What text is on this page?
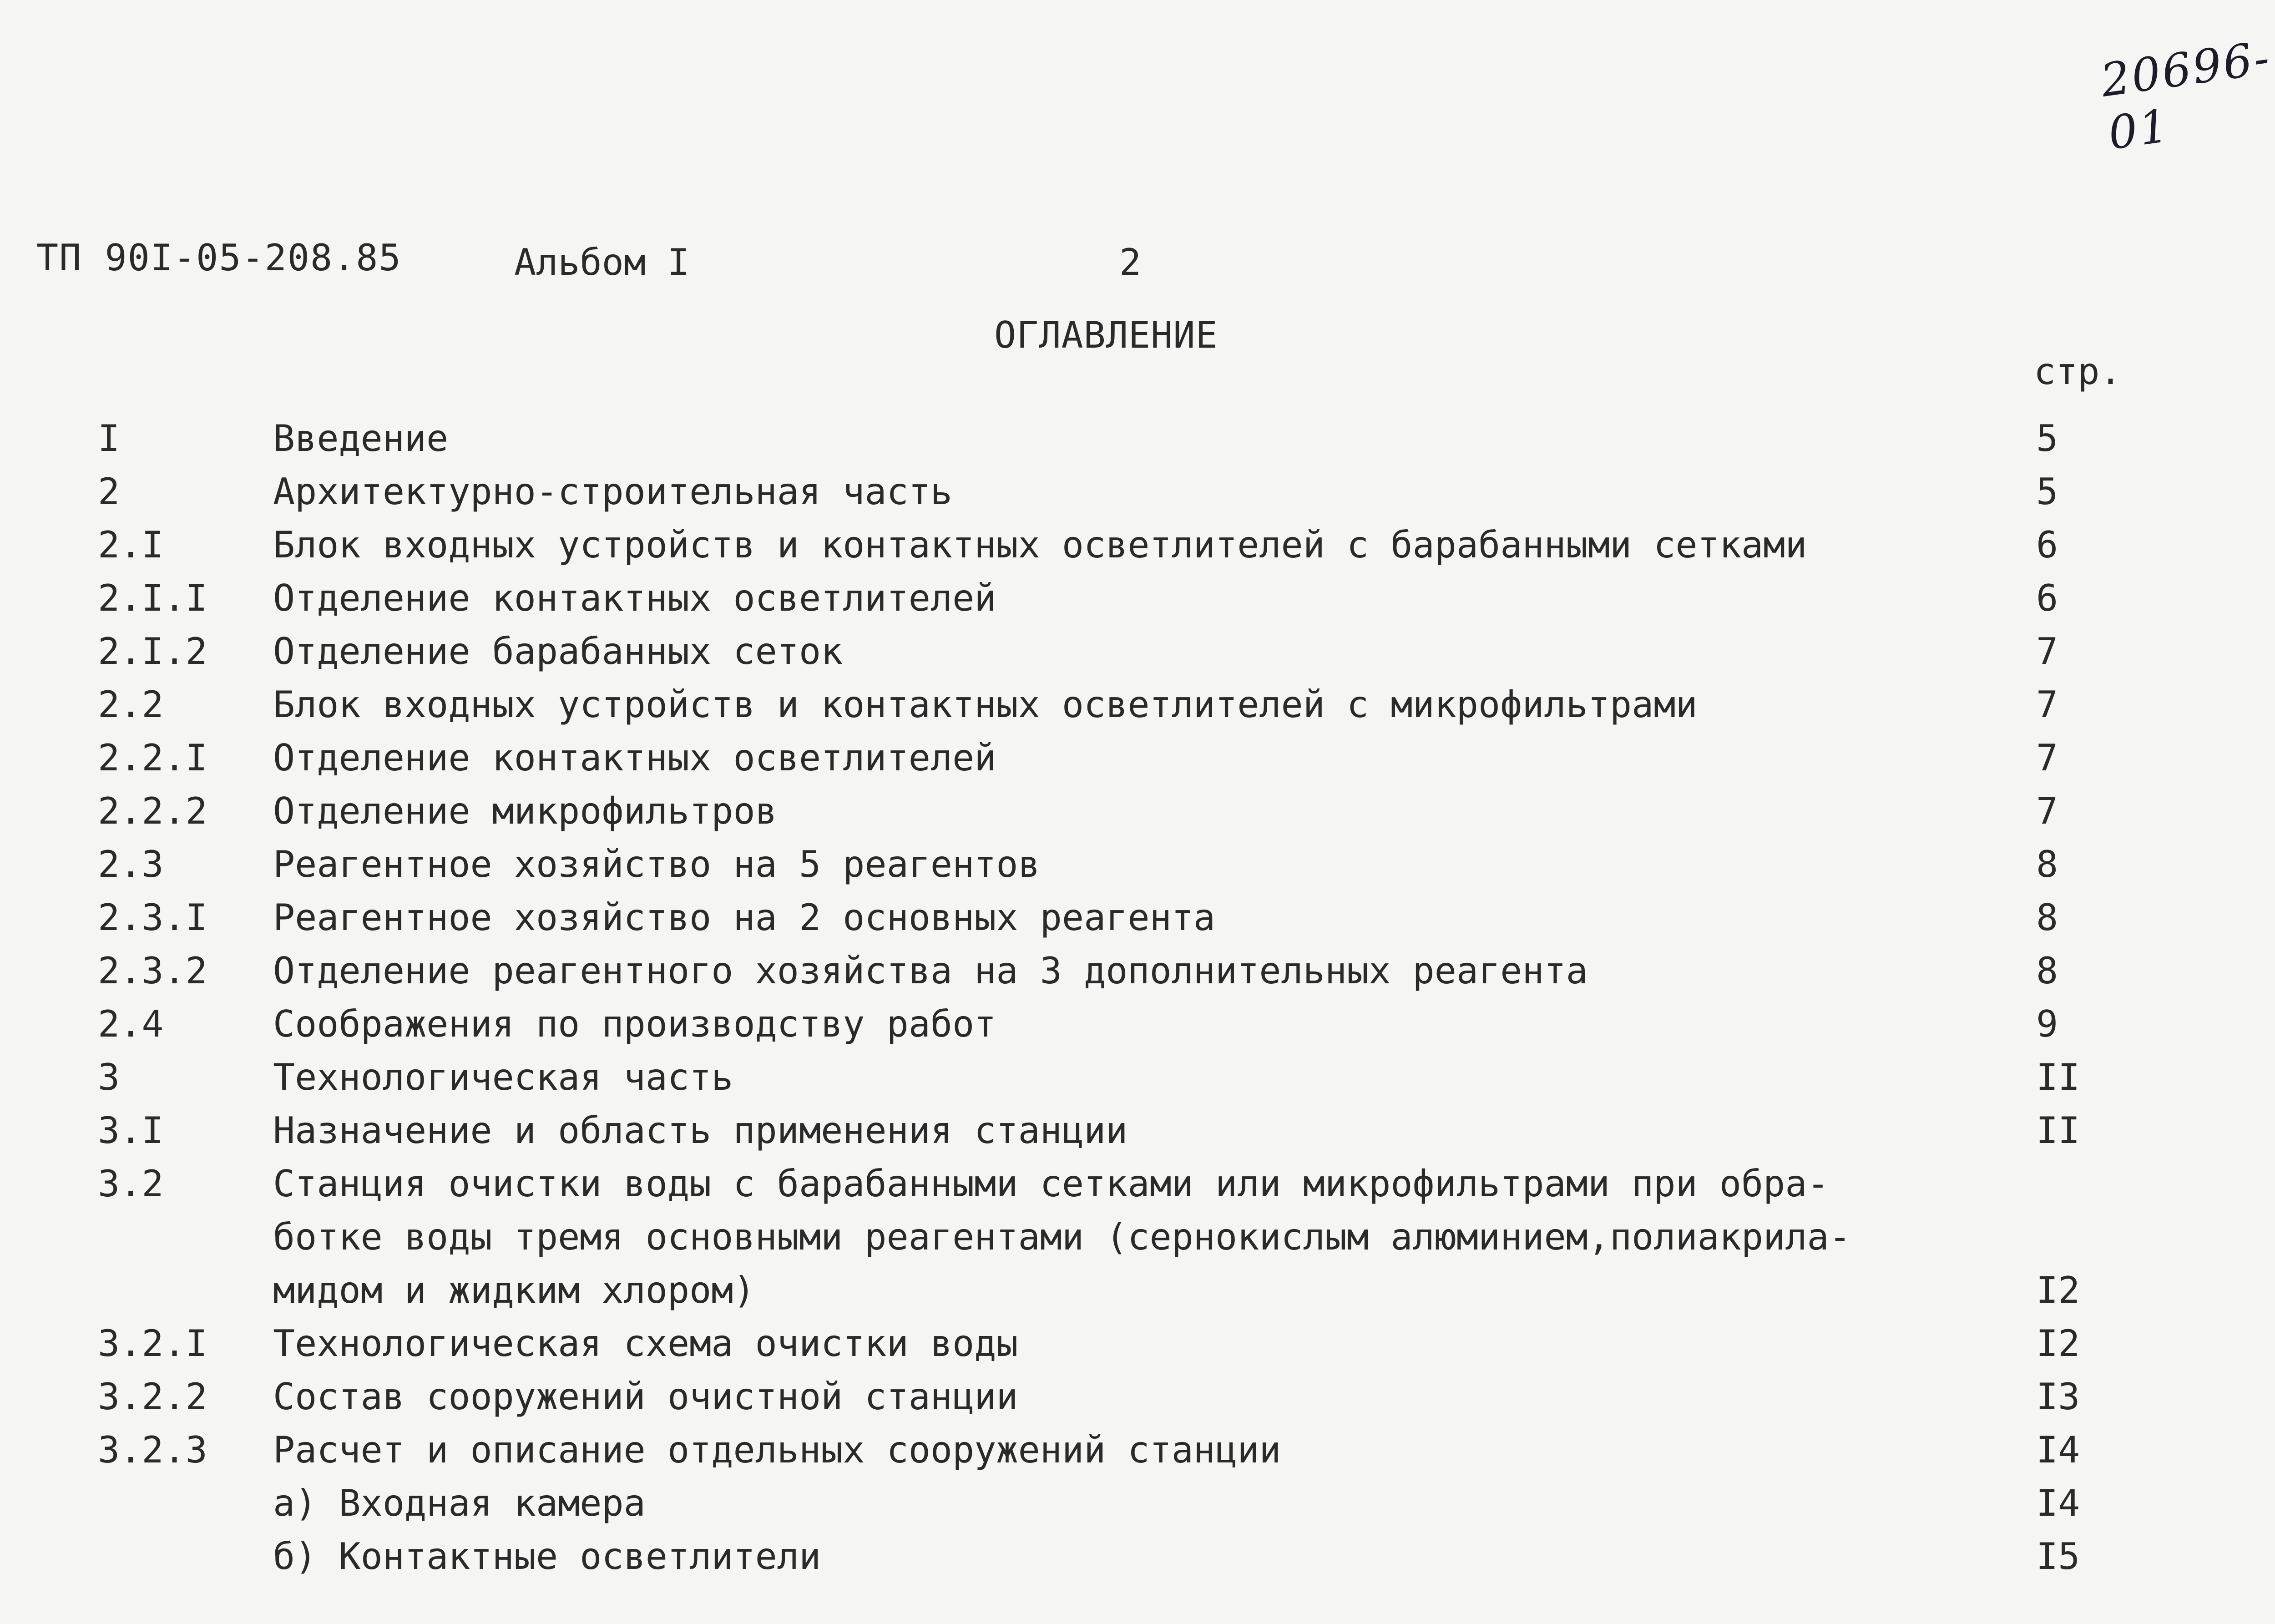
20696-01
ТП 90I-05-208.85	Альбом I	2
ОГЛАВЛЕНИЕ
стр.
I	Введение	5
2	Архитектурно-строительная часть	5
2.I	Блок входных устройств и контактных осветлителей с барабанными сетками	6
2.I.I	Отделение контактных осветлителей	6
2.I.2	Отделение барабанных сеток	7
2.2	Блок входных устройств и контактных осветлителей с микрофильтрами	7
2.2.I	Отделение контактных осветлителей	7
2.2.2	Отделение микрофильтров	7
2.3	Реагентное хозяйство на 5 реагентов	8
2.3.I	Реагентное хозяйство на 2 основных реагента	8
2.3.2	Отделение реагентного хозяйства на 3 дополнительных реагента	8
2.4	Соображения по производству работ	9
3	Технологическая часть	II
3.I	Назначение и область применения станции	II
3.2	Станция очистки воды с барабанными сетками или микрофильтрами при обра-
ботке воды тремя основными реагентами (сернокислым алюминием,полиакрила-
мидом и жидким хлором)	I2
3.2.I	Технологическая схема очистки воды	I2
3.2.2	Состав сооружений очистной станции	I3
3.2.3	Расчет и описание отдельных сооружений станции	I4
а) Входная камера	I4
б) Контактные осветлители	I5
